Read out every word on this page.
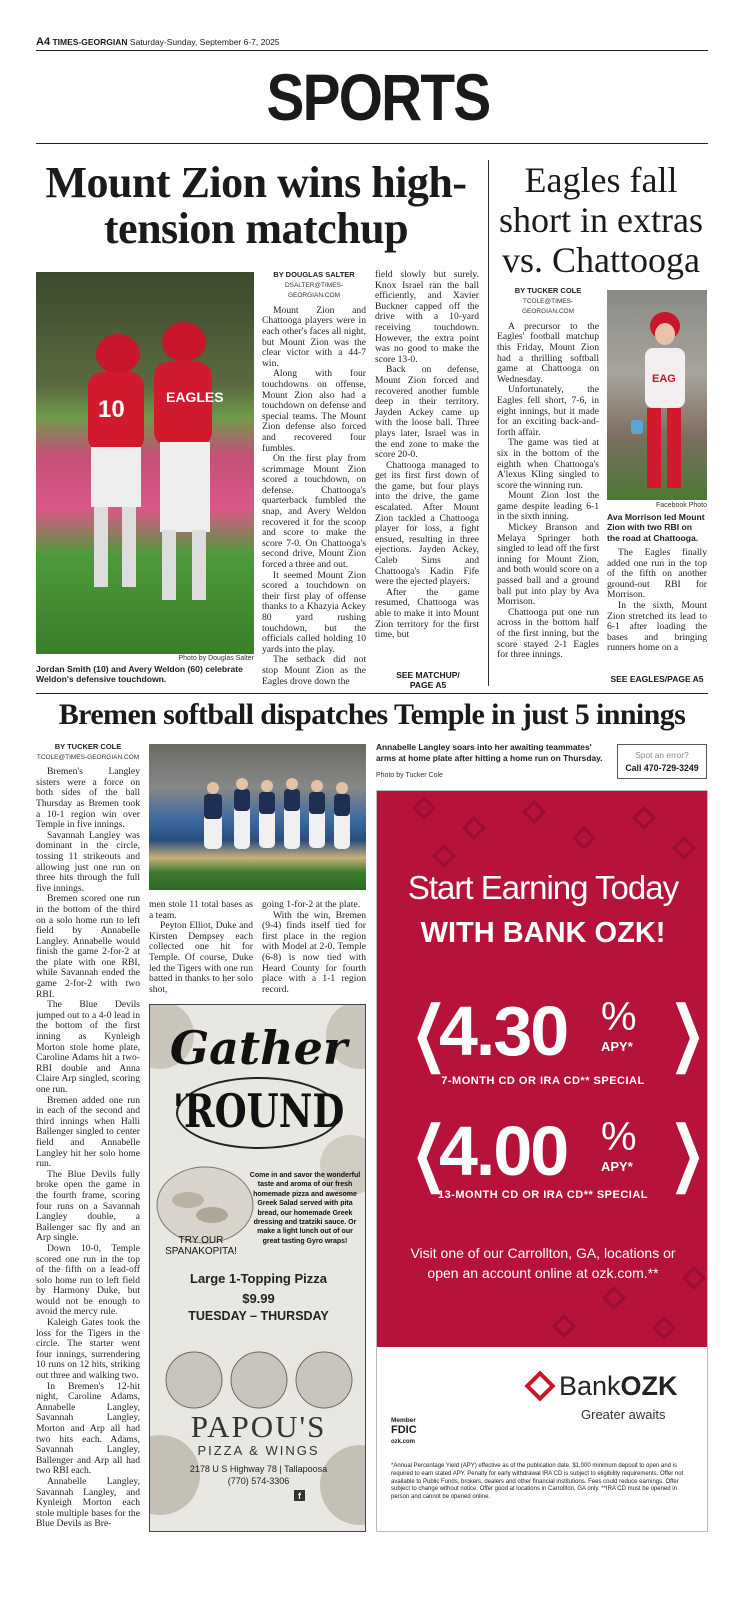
A4 TIMES-GEORGIAN Saturday-Sunday, September 6-7, 2025
SPORTS
Mount Zion wins high-tension matchup
10	EAGLES
Photo by Douglas Salter
Jordan Smith (10) and Avery Weldon (60) celebrate Weldon's defensive touchdown.
BY DOUGLAS SALTER
DSALTER@TIMES-GEORGIAN.COM

Mount Zion and Chattooga players were in each other's faces all night, but Mount Zion was the clear victor with a 44-7 win.

Along with four touchdowns on offense, Mount Zion also had a touchdown on defense and special teams. The Mount Zion defense also forced and recovered four fumbles.

On the first play from scrimmage Mount Zion scored a touchdown, on defense. Chattooga's quarterback fumbled the snap, and Avery Weldon recovered it for the scoop and score to make the score 7-0. On Chattooga's second drive, Mount Zion forced a three and out.

It seemed Mount Zion scored a touchdown on their first play of offense thanks to a Khazyia Ackey 80 yard rushing touchdown, but the officials called holding 10 yards into the play.

The setback did not stop Mount Zion as the Eagles drove down the

field slowly but surely. Knox Israel ran the ball efficiently, and Xavier Buckner capped off the drive with a 10-yard receiving touchdown. However, the extra point was no good to make the score 13-0.

Back on defense, Mount Zion forced and recovered another fumble deep in their territory. Jayden Ackey came up with the loose ball. Three plays later, Israel was in the end zone to make the score 20-0.

Chattooga managed to get its first first down of the game, but four plays into the drive, the game escalated. After Mount Zion tackled a Chattooga player for loss, a fight ensued, resulting in three ejections. Jayden Ackey, Caleb Sims and Chattooga's Kadin Fife were the ejected players.

After the game resumed, Chattooga was able to make it into Mount Zion territory for the first time, but

SEE MATCHUP/ PAGE A5
Eagles fall short in extras vs. Chattooga
BY TUCKER COLE
TCOLE@TIMES-GEORGIAN.COM

A precursor to the Eagles' football matchup this Friday, Mount Zion had a thrilling softball game at Chattooga on Wednesday.

Unfortunately, the Eagles fell short, 7-6, in eight innings, but it made for an exciting back-and-forth affair.

The game was tied at six in the bottom of the eighth when Chattooga's A'lexus Kling singled to score the winning run.

Mount Zion lost the game despite leading 6-1 in the sixth inning.

Mickey Branson and Melaya Springer both singled to lead off the first inning for Mount Zion, and both would score on a passed ball and a ground ball put into play by Ava Morrison.

Chattooga put one run across in the bottom half of the first inning, but the score stayed 2-1 Eagles for three innings.

EAG
Facebook Photo
Ava Morrison led Mount Zion with two RBI on the road at Chattooga.

The Eagles finally added one run in the top of the fifth on another ground-out RBI for Morrison.

In the sixth, Mount Zion stretched its lead to 6-1 after loading the bases and bringing runners home on a

SEE EAGLES/PAGE A5
Bremen softball dispatches Temple in just 5 innings
BY TUCKER COLE
TCOLE@TIMES-GEORGIAN.COM

Bremen's Langley sisters were a force on both sides of the ball Thursday as Bremen took a 10-1 region win over Temple in five innings.

Savannah Langley was dominant in the circle, tossing 11 strikeouts and allowing just one run on three hits through the full five innings.

Bremen scored one run in the bottom of the third on a solo home run to left field by Annabelle Langley. Annabelle would finish the game 2-for-2 at the plate with one RBI, while Savannah ended the game 2-for-2 with two RBI.

The Blue Devils jumped out to a 4-0 lead in the bottom of the first inning as Kynleigh Morton stole home plate, Caroline Adams hit a two-RBI double and Anna Claire Arp singled, scoring one run.

Bremen added one run in each of the second and third innings when Halli Ballenger singled to center field and Annabelle Langley hit her solo home run.

The Blue Devils fully broke open the game in the fourth frame, scoring four runs on a Savannah Langley double, a Ballenger sac fly and an Arp single.

Down 10-0, Temple scored one run in the top of the fifth on a lead-off solo home run to left field by Harmony Duke, but would not be enough to avoid the mercy rule.

Kaleigh Gates took the loss for the Tigers in the circle. The starter went four innings, surrendering 10 runs on 12 hits, striking out three and walking two.

In Bremen's 12-hit night, Caroline Adams, Annabelle Langley, Savannah Langley, Morton and Arp all had two hits each. Adams, Savannah Langley, Ballenger and Arp all had two RBI each.

Annabelle Langley, Savannah Langley, and Kynleigh Morton each stole multiple bases for the Blue Devils as Bre-

men stole 11 total bases as a team.

Peyton Elliot, Duke and Kirsten Dempsey each collected one hit for Temple. Of course, Duke led the Tigers with one run batted in thanks to her solo shot,

going 1-for-2 at the plate.

With the win, Bremen (9-4) finds itself tied for first place in the region with Model at 2-0. Temple (6-8) is now tied with Heard County for fourth place with a 1-1 region record.

Annabelle Langley soars into her awaiting teammates' arms at home plate after hitting a home run on Thursday.
Photo by Tucker Cole
Spot an error?
Call 470-729-3249
Gather
'ROUND
Come in and savor the wonderful taste and aroma of our fresh homemade pizza and awesome Greek Salad served with pita bread, our homemade Greek dressing and tzatziki sauce. Or make a light lunch out of our great tasting Gyro wraps!
TRY OUR SPANAKOPITA!
Large 1-Topping Pizza
$9.99
TUESDAY – THURSDAY
PAPOU'S
PIZZA & WINGS
2178 U S Highway 78 | Tallapoosa
(770) 574-3306
f
Start Earning Today
WITH BANK OZK!
❮
4.30 %
APY* ❯
7-MONTH CD OR IRA CD** SPECIAL
❮
4.00 %
APY* ❯
13-MONTH CD OR IRA CD** SPECIAL
Visit one of our Carrollton, GA, locations or open an account online at ozk.com.**
BankOZK
Greater awaits
Member
FDIC
ozk.com
*Annual Percentage Yield (APY) effective as of the publication date. $1,000 minimum deposit to open and is required to earn stated APY. Penalty for early withdrawal IRA CD is subject to eligibility requirements. Offer not available to Public Funds, brokers, dealers and other financial institutions. Fees could reduce earnings. Offer subject to change without notice. Offer good at locations in Carrollton, GA only. **IRA CD must be opened in person and cannot be opened online.
